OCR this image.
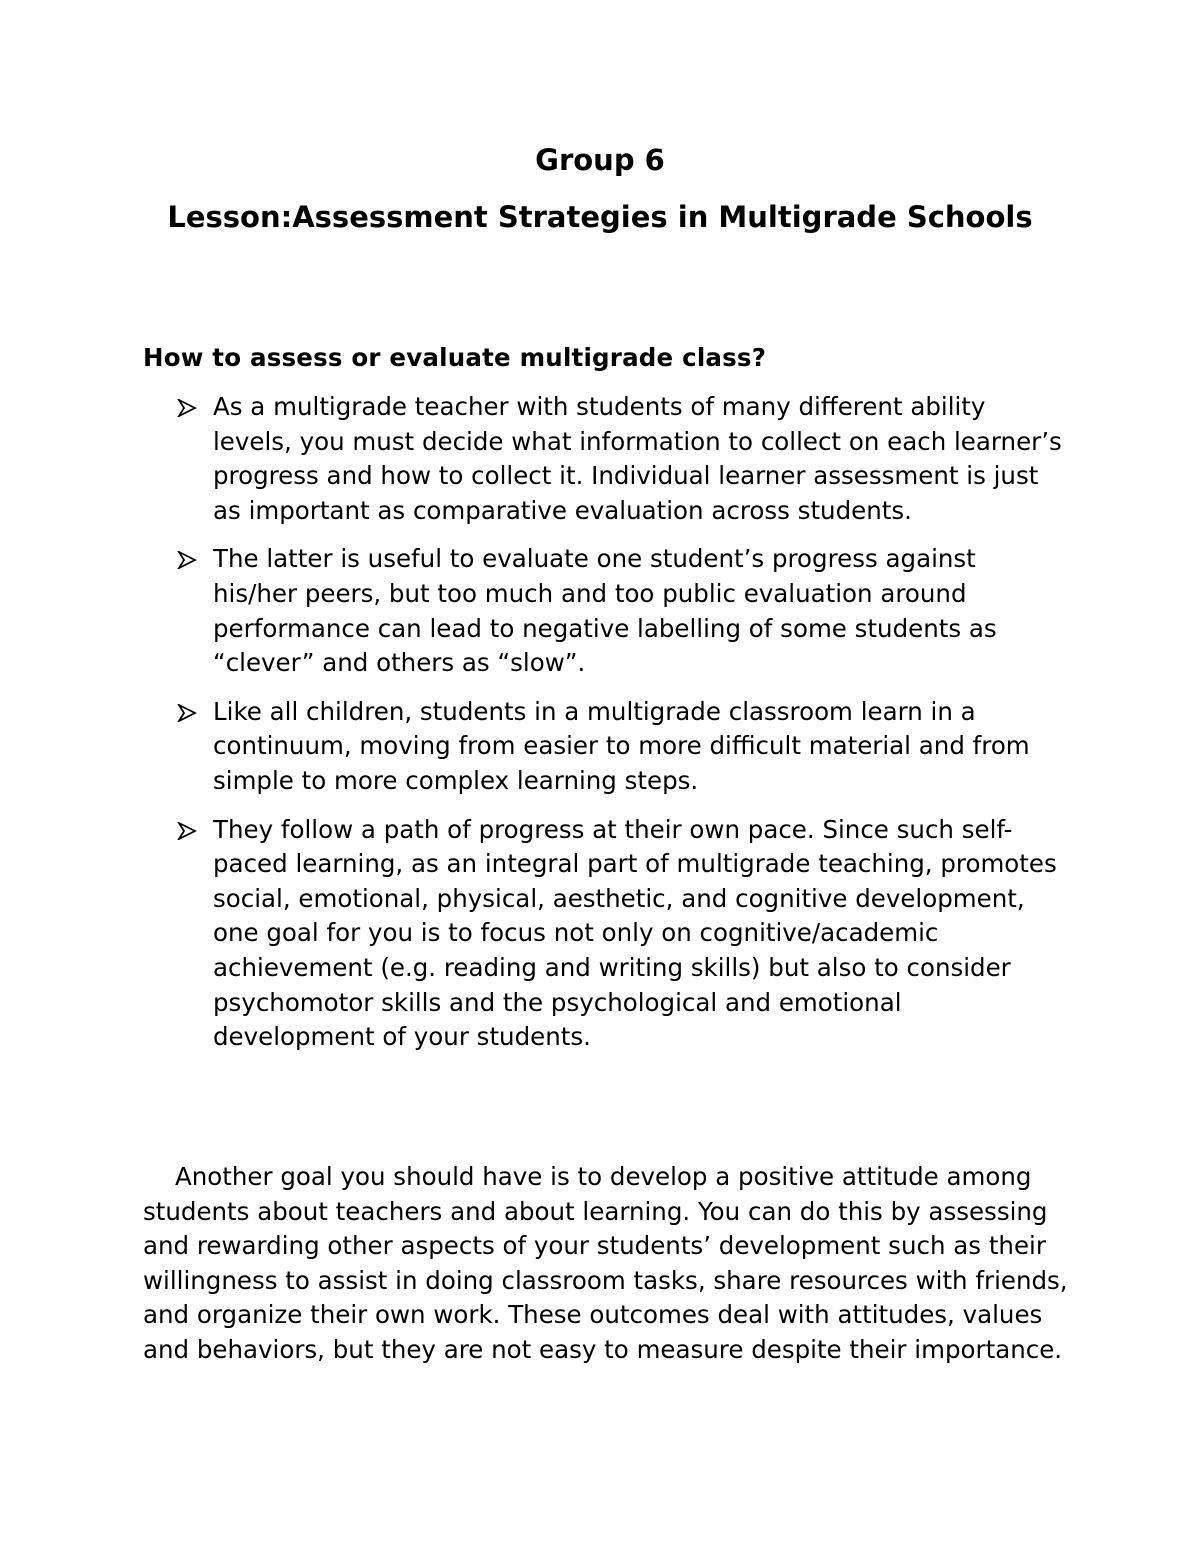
Group 6
Lesson:Assessment Strategies in Multigrade Schools
How to assess or evaluate multigrade class?
As a multigrade teacher with students of many different ability levels, you must decide what information to collect on each learner’s progress and how to collect it. Individual learner assessment is just as important as comparative evaluation across students.
The latter is useful to evaluate one student’s progress against his/her peers, but too much and too public evaluation around performance can lead to negative labelling of some students as “clever” and others as “slow”.
Like all children, students in a multigrade classroom learn in a continuum, moving from easier to more difficult material and from simple to more complex learning steps.
They follow a path of progress at their own pace. Since such self-paced learning, as an integral part of multigrade teaching, promotes social, emotional, physical, aesthetic, and cognitive development, one goal for you is to focus not only on cognitive/academic achievement (e.g. reading and writing skills) but also to consider psychomotor skills and the psychological and emotional development of your students.

Another goal you should have is to develop a positive attitude among students about teachers and about learning. You can do this by assessing and rewarding other aspects of your students’ development such as their willingness to assist in doing classroom tasks, share resources with friends, and organize their own work. These outcomes deal with attitudes, values and behaviors, but they are not easy to measure despite their importance.
